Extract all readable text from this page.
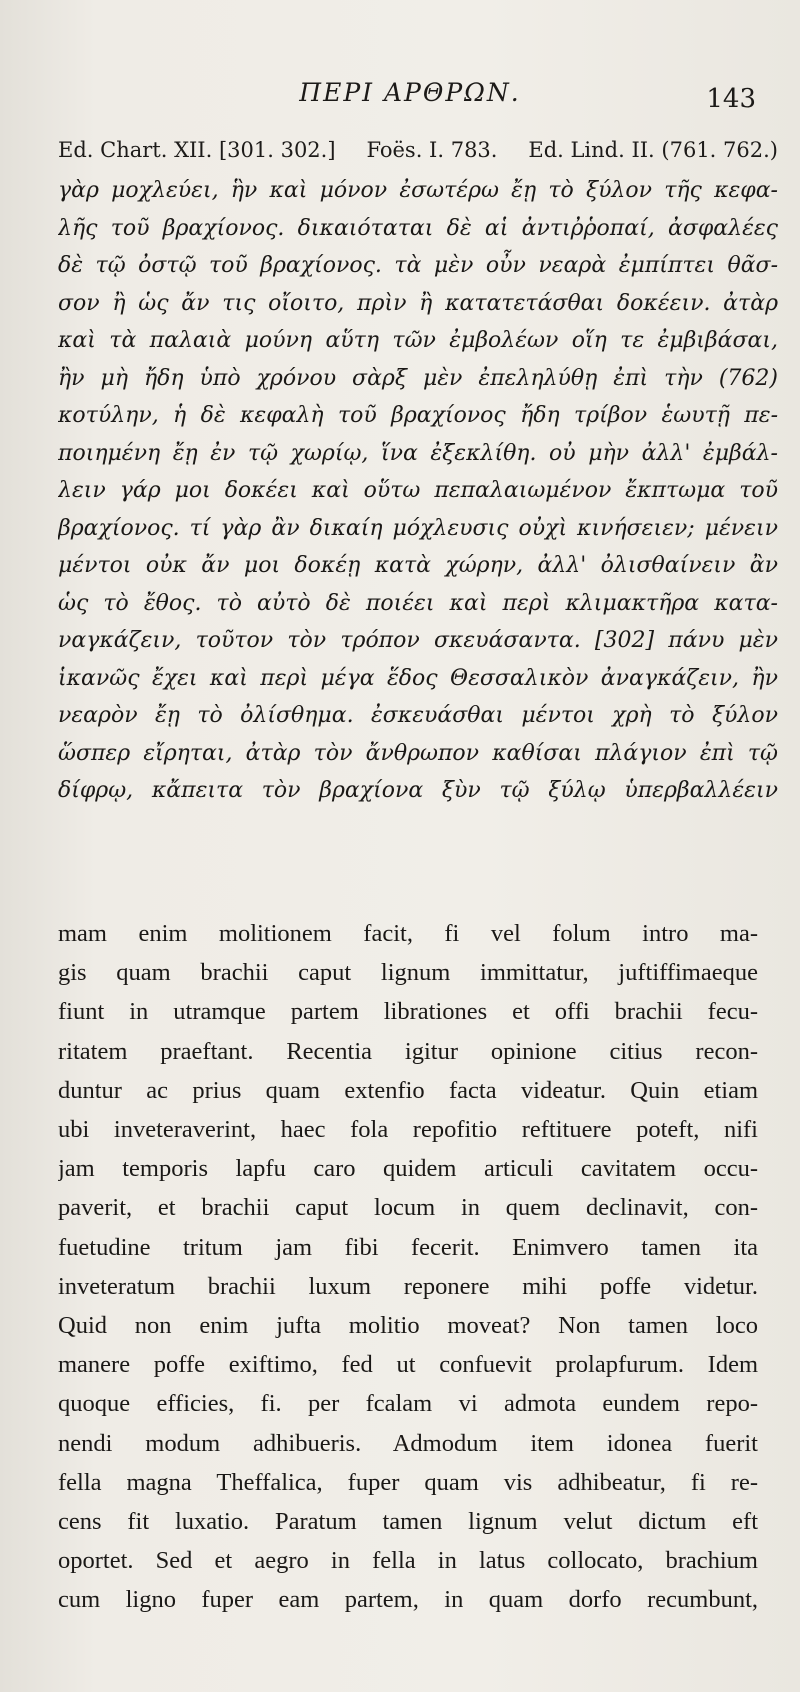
ΠΕΡΙ ΑΡΘΡΩΝ.	143
Ed. Chart. XII. [301. 302.] Foës. I. 783. Ed. Lind. II. (761. 762.)
γὰρ μοχλεύει, ἣν καὶ μόνον ἐσωτέρω ἔῃ τὸ ξύλον τῆς κεφα-
λῆς τοῦ βραχίονος. δικαιόταται δὲ αἱ ἀντιῤῥοπαί, ἀσφαλέες
δὲ τῷ ὀστῷ τοῦ βραχίονος. τὰ μὲν οὖν νεαρὰ ἐμπίπτει θᾶσ-
σον ἢ ὡς ἄν τις οἴοιτο, πρὶν ἢ κατατετάσθαι δοκέειν. ἀτὰρ
καὶ τὰ παλαιὰ μούνη αὕτη τῶν ἐμβολέων οἵη τε ἐμβιβάσαι,
ἢν μὴ ἤδη ὑπὸ χρόνου σὰρξ μὲν ἐπεληλύθῃ ἐπὶ τὴν (762)
κοτύλην, ἡ δὲ κεφαλὴ τοῦ βραχίονος ἤδη τρίβον ἑωυτῇ πε-
ποιημένη ἔῃ ἐν τῷ χωρίῳ, ἵνα ἐξεκλίθη. οὐ μὴν ἀλλ' ἐμβάλ-
λειν γάρ μοι δοκέει καὶ οὕτω πεπαλαιωμένον ἔκπτωμα τοῦ
βραχίονος. τί γὰρ ἂν δικαίη μόχλευσις οὐχὶ κινήσειεν; μένειν
μέντοι οὐκ ἄν μοι δοκέῃ κατὰ χώρην, ἀλλ' ὀλισθαίνειν ἂν
ὡς τὸ ἔθος. τὸ αὐτὸ δὲ ποιέει καὶ περὶ κλιμακτῆρα κατα-
ναγκάζειν, τοῦτον τὸν τρόπον σκευάσαντα. [302] πάνυ μὲν
ἱκανῶς ἔχει καὶ περὶ μέγα ἕδος Θεσσαλικὸν ἀναγκάζειν, ἢν
νεαρὸν ἔῃ τὸ ὀλίσθημα. ἐσκευάσθαι μέντοι χρὴ τὸ ξύλον
ὥσπερ εἴρηται, ἀτὰρ τὸν ἄνθρωπον καθίσαι πλάγιον ἐπὶ τῷ
δίφρῳ, κἄπειτα τὸν βραχίονα ξὺν τῷ ξύλῳ ὑπερβαλλέειν
mam enim molitionem facit, fi vel folum intro ma-
gis quam brachii caput lignum immittatur, juftiffimaeque
fiunt in utramque partem librationes et offi brachii fecu-
ritatem praeftant. Recentia igitur opinione citius recon-
duntur ac prius quam extenfio facta videatur. Quin etiam
ubi inveteraverint, haec fola repofitio reftituere poteft, nifi
jam temporis lapfu caro quidem articuli cavitatem occu-
paverit, et brachii caput locum in quem declinavit, con-
fuetudine tritum jam fibi fecerit. Enimvero tamen ita
inveteratum brachii luxum reponere mihi poffe videtur.
Quid non enim jufta molitio moveat? Non tamen loco
manere poffe exiftimo, fed ut confuevit prolapfurum. Idem
quoque efficies, fi. per fcalam vi admota eundem repo-
nendi modum adhibueris. Admodum item idonea fuerit
fella magna Theffalica, fuper quam vis adhibeatur, fi re-
cens fit luxatio. Paratum tamen lignum velut dictum eft
oportet. Sed et aegro in fella in latus collocato, brachium
cum ligno fuper eam partem, in quam dorfo recumbunt,
